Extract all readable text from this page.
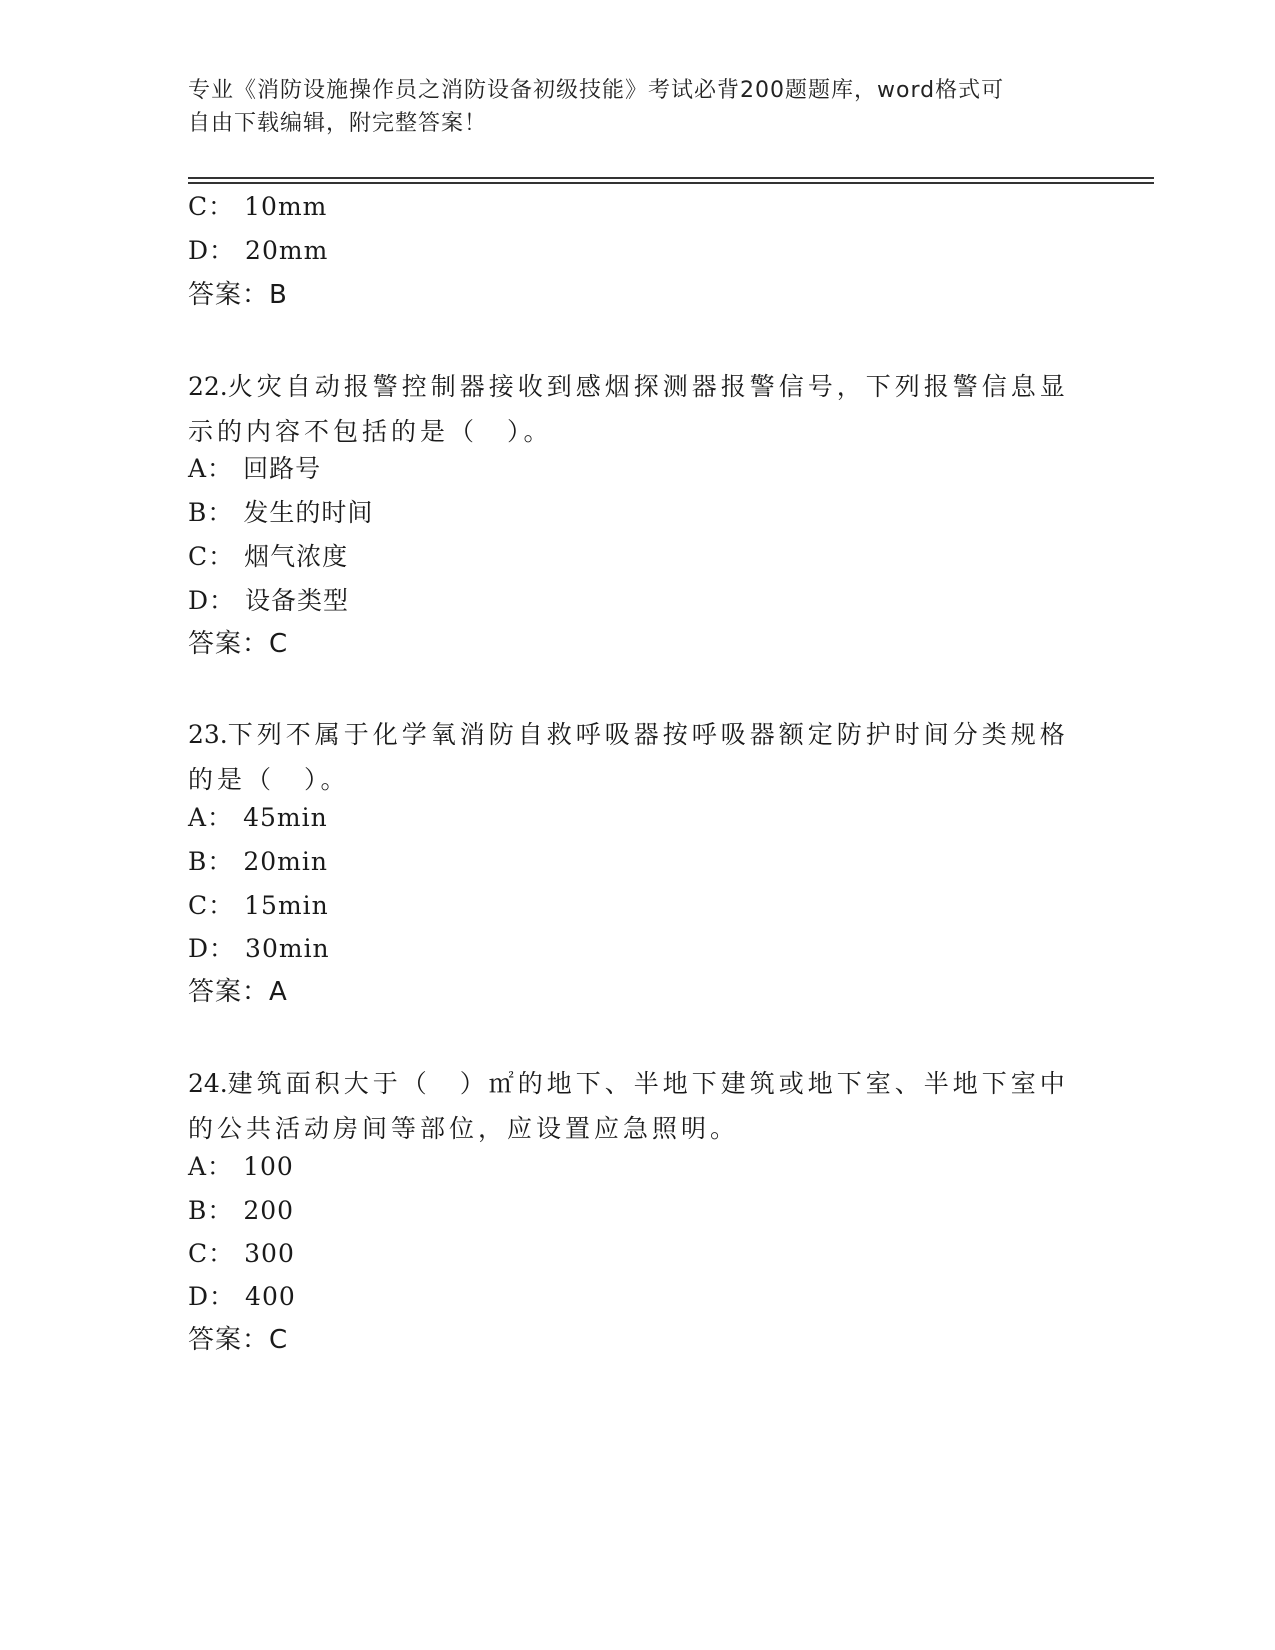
专业《消防设施操作员之消防设备初级技能》考试必背200题题库，word格式可
自由下载编辑，附完整答案！
C： 10mm
D： 20mm
答案：B
22.火灾自动报警控制器接收到感烟探测器报警信号，下列报警信息显示的内容不包括的是（　）。
A： 回路号
B： 发生的时间
C： 烟气浓度
D： 设备类型
答案：C
23.下列不属于化学氧消防自救呼吸器按呼吸器额定防护时间分类规格的是（　）。
A： 45min
B： 20min
C： 15min
D： 30min
答案：A
24.建筑面积大于（　）㎡的地下、半地下建筑或地下室、半地下室中的公共活动房间等部位，应设置应急照明。
A： 100
B： 200
C： 300
D： 400
答案：C
